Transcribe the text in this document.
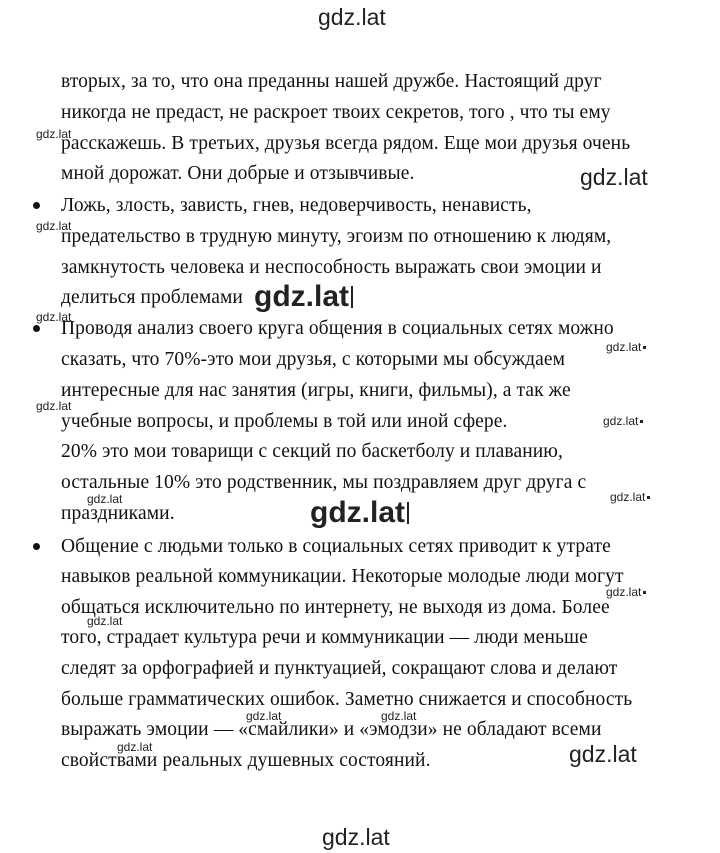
вторых, за то, что она преданны нашей дружбе. Настоящий друг
никогда не предаст, не раскроет твоих секретов, того , что ты ему
расскажешь. В третьих, друзья всегда рядом. Еще мои друзья очень
мной дорожат. Они добрые и отзывчивые.
Ложь, злость, зависть, гнев, недоверчивость, ненависть,
предательство в трудную минуту, эгоизм по отношению к людям,
замкнутость человека и неспособность выражать свои эмоции и
делиться проблемами
Проводя анализ своего круга общения в социальных сетях можно
сказать, что 70%-это мои друзья, с которыми мы обсуждаем
интересные для нас занятия (игры, книги, фильмы), а так же
учебные вопросы, и проблемы в той или иной сфере.
20% это мои товарищи с секций по баскетболу и плаванию,
остальные 10% это родственник, мы поздравляем друг друга с
праздниками.
Общение с людьми только в социальных сетях приводит к утрате
навыков реальной коммуникации. Некоторые молодые люди могут
общаться исключительно по интернету, не выходя из дома. Более
того, страдает культура речи и коммуникации — люди меньше
следят за орфографией и пунктуацией, сокращают слова и делают
больше грамматических ошибок. Заметно снижается и способность
выражать эмоции — «смайлики» и «эмодзи» не обладают всеми
свойствами реальных душевных состояний.
gdz.lat
gdz.lat
gdz.lat
gdz.lat
gdz.lat
gdz.lat
gdz.lat
gdz.lat
gdz.lat
gdz.lat	gdz.lat
gdz.lat
gdz.lat
gdz.lat
gdz.lat	gdz.lat
gdz.lat	gdz.lat
gdz.lat
